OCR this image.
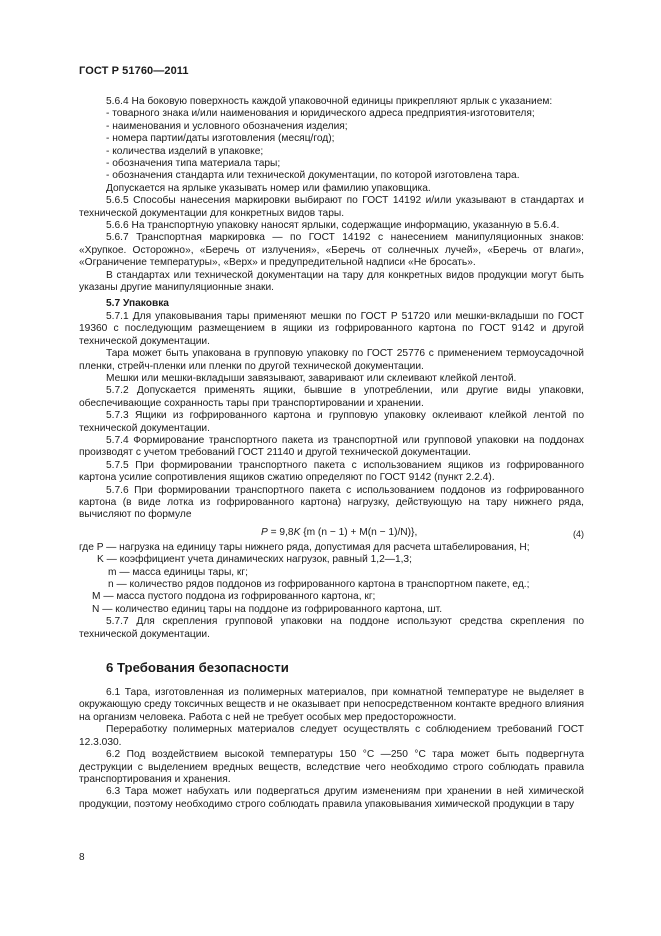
ГОСТ Р 51760—2011

5.6.4 На боковую поверхность каждой упаковочной единицы прикрепляют ярлык с указанием:

- товарного знака и/или наименования и юридического адреса предприятия-изготовителя;

- наименования и условного обозначения изделия;

- номера партии/даты изготовления (месяц/год);

- количества изделий в упаковке;

- обозначения типа материала тары;

- обозначения стандарта или технической документации, по которой изготовлена тара.

Допускается на ярлыке указывать номер или фамилию упаковщика.

5.6.5 Способы нанесения маркировки выбирают по ГОСТ 14192 и/или указывают в стандартах и технической документации для конкретных видов тары.

5.6.6 На транспортную упаковку наносят ярлыки, содержащие информацию, указанную в 5.6.4.

5.6.7 Транспортная маркировка — по ГОСТ 14192 с нанесением манипуляционных знаков: «Хрупкое. Осторожно», «Беречь от излучения», «Беречь от солнечных лучей», «Беречь от влаги», «Ограничение температуры», «Верх» и предупредительной надписи «Не бросать».

В стандартах или технической документации на тару для конкретных видов продукции могут быть указаны другие манипуляционные знаки.

5.7 Упаковка

5.7.1 Для упаковывания тары применяют мешки по ГОСТ Р 51720 или мешки-вкладыши по ГОСТ 19360 с последующим размещением в ящики из гофрированного картона по ГОСТ 9142 и другой технической документации.

Тара может быть упакована в групповую упаковку по ГОСТ 25776 с применением термоусадочной пленки, стрейч-пленки или пленки по другой технической документации.

Мешки или мешки-вкладыши завязывают, заваривают или склеивают клейкой лентой.

5.7.2 Допускается применять ящики, бывшие в употреблении, или другие виды упаковки, обеспечивающие сохранность тары при транспортировании и хранении.

5.7.3 Ящики из гофрированного картона и групповую упаковку оклеивают клейкой лентой по технической документации.

5.7.4 Формирование транспортного пакета из транспортной или групповой упаковки на поддонах производят с учетом требований ГОСТ 21140 и другой технической документации.

5.7.5 При формировании транспортного пакета с использованием ящиков из гофрированного картона усилие сопротивления ящиков сжатию определяют по ГОСТ 9142 (пункт 2.2.4).

5.7.6 При формировании транспортного пакета с использованием поддонов из гофрированного картона (в виде лотка из гофрированного картона) нагрузку, действующую на тару нижнего ряда, вычисляют по формуле

P = 9,8K {m (n − 1) + M(n − 1)/N)},	(4)

где P — нагрузка на единицу тары нижнего ряда, допустимая для расчета штабелирования, Н;

K — коэффициент учета динамических нагрузок, равный 1,2—1,3;

m — масса единицы тары, кг;

n — количество рядов поддонов из гофрированного картона в транспортном пакете, ед.;

M — масса пустого поддона из гофрированного картона, кг;

N — количество единиц тары на поддоне из гофрированного картона, шт.

5.7.7 Для скрепления групповой упаковки на поддоне используют средства скрепления по технической документации.

6 Требования безопасности

6.1 Тара, изготовленная из полимерных материалов, при комнатной температуре не выделяет в окружающую среду токсичных веществ и не оказывает при непосредственном контакте вредного влияния на организм человека. Работа с ней не требует особых мер предосторожности.

Переработку полимерных материалов следует осуществлять с соблюдением требований ГОСТ 12.3.030.

6.2 Под воздействием высокой температуры 150 °С —250 °С тара может быть подвергнута деструкции с выделением вредных веществ, вследствие чего необходимо строго соблюдать правила транспортирования и хранения.

6.3 Тара может набухать или подвергаться другим изменениям при хранении в ней химической продукции, поэтому необходимо строго соблюдать правила упаковывания химической продукции в тару

8
